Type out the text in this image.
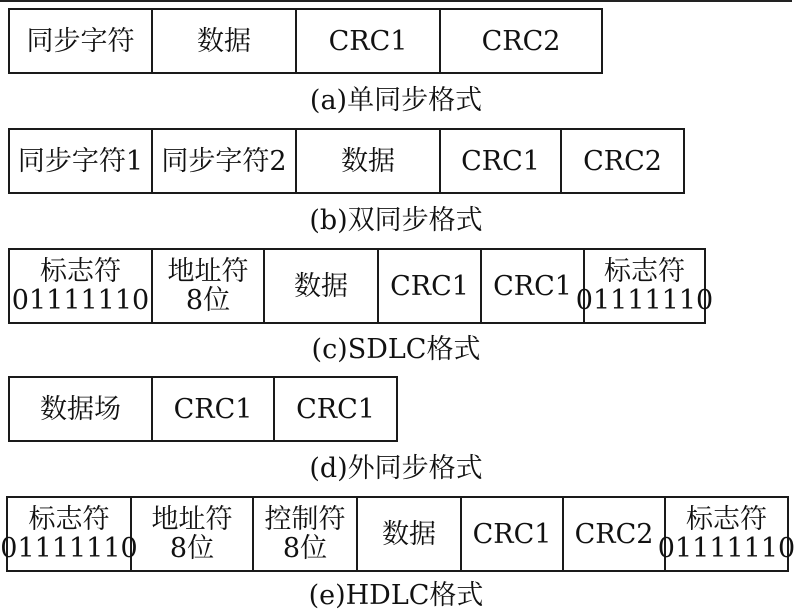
同步字符 数据	CRC1	CRC2
(a)单同步格式
同步字符1 同步字符2 数据 CRC1 CRC2
(b)双同步格式
标志符
01111110
地址符
8位 数据 CRC1 CRC1 标志符
01111110
(c)SDLC格式
数据场 CRC1 CRC1
(d)外同步格式
标志符
01111110
地址符
8位
控制符
8位 数据 CRC1 CRC2 标志符
01111110
(e)HDLC格式
